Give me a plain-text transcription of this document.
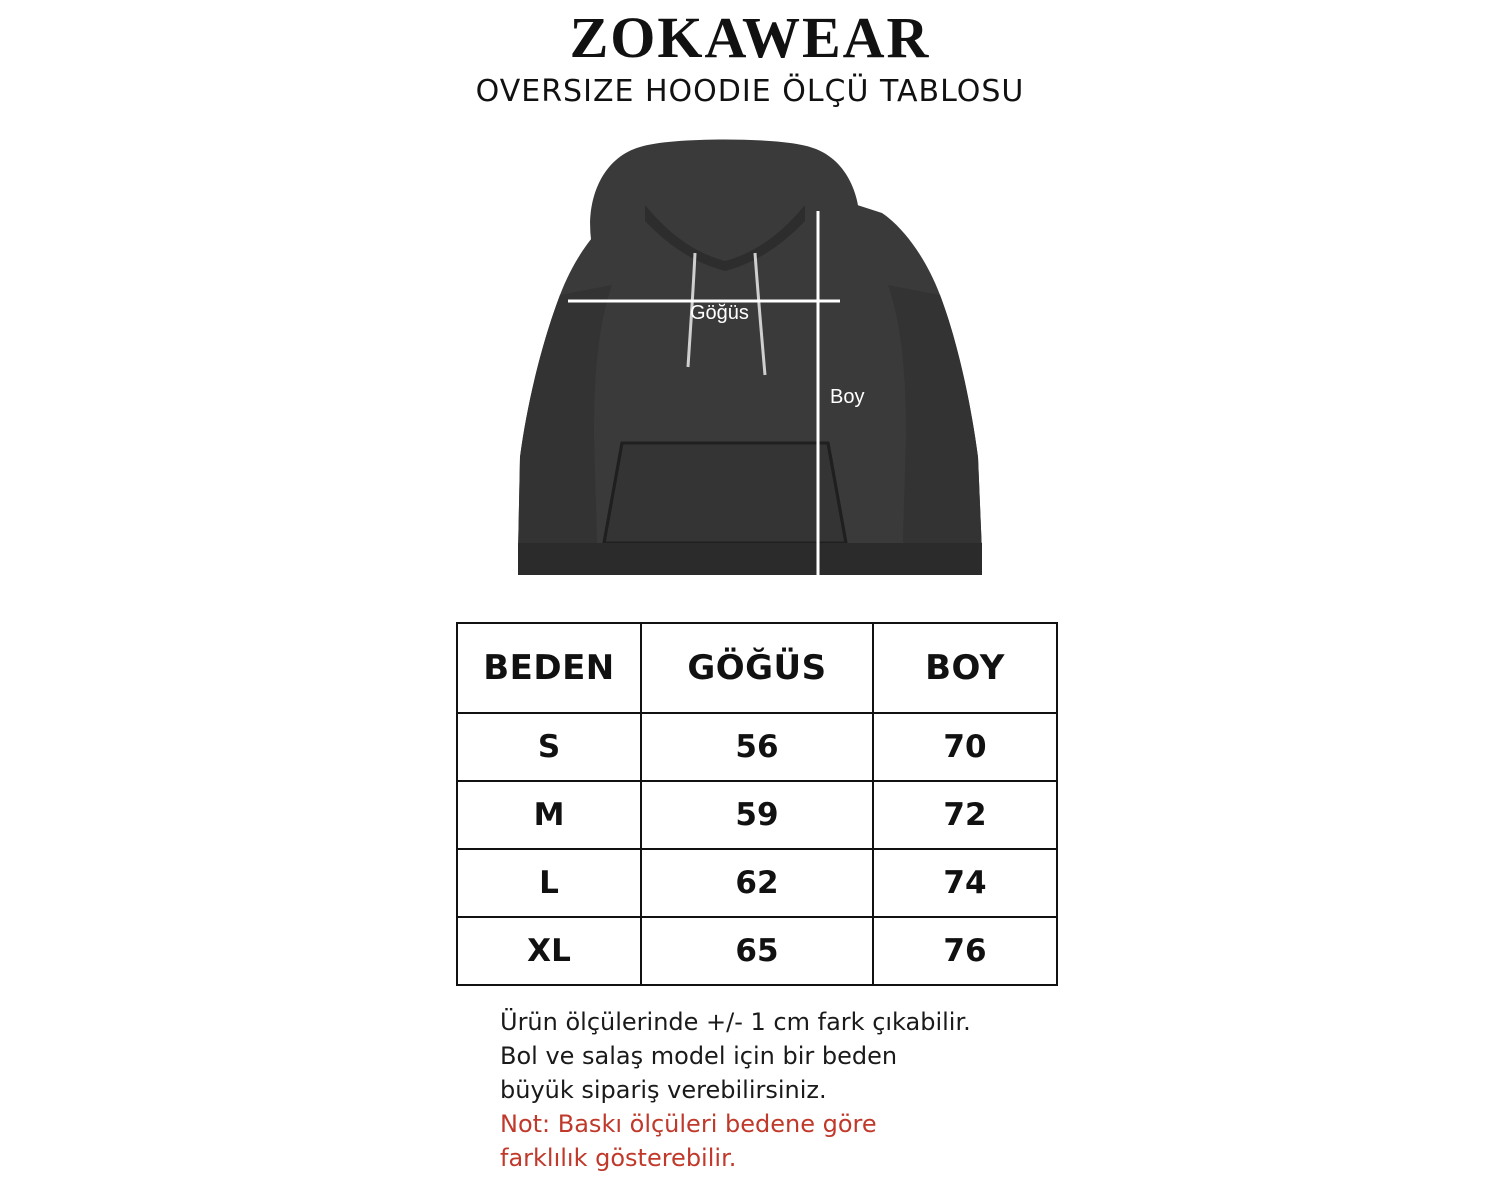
ZOKAWEAR
OVERSIZE HOODIE ÖLÇÜ TABLOSU
Göğüs
Boy
BEDEN	GÖĞÜS	BOY
S	56	70
M	59	72
L	62	74
XL	65	76

Ürün ölçülerinde +/- 1 cm fark çıkabilir.

Bol ve salaş model için bir beden

büyük sipariş verebilirsiniz.

Not: Baskı ölçüleri bedene göre

farklılık gösterebilir.
